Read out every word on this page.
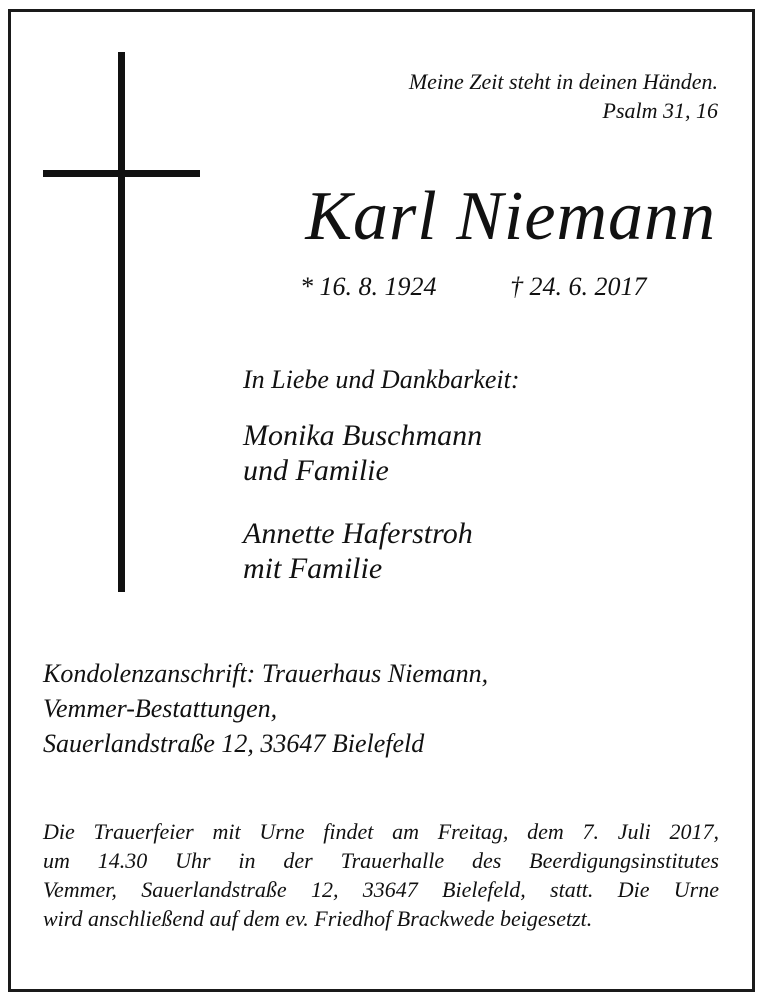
Meine Zeit steht in deinen Händen.
Psalm 31, 16
Karl Niemann
* 16. 8. 1924	† 24. 6. 2017
In Liebe und Dankbarkeit:
Monika Buschmann
und Familie
Annette Haferstroh
mit Familie
Kondolenzanschrift: Trauerhaus Niemann,
Vemmer-Bestattungen,
Sauerlandstraße 12, 33647 Bielefeld
Die Trauerfeier mit Urne findet am Freitag, dem 7. Juli 2017,
um 14.30 Uhr in der Trauerhalle des Beerdigungsinstitutes
Vemmer, Sauerlandstraße 12, 33647 Bielefeld, statt. Die Urne
wird anschließend auf dem ev. Friedhof Brackwede beigesetzt.
